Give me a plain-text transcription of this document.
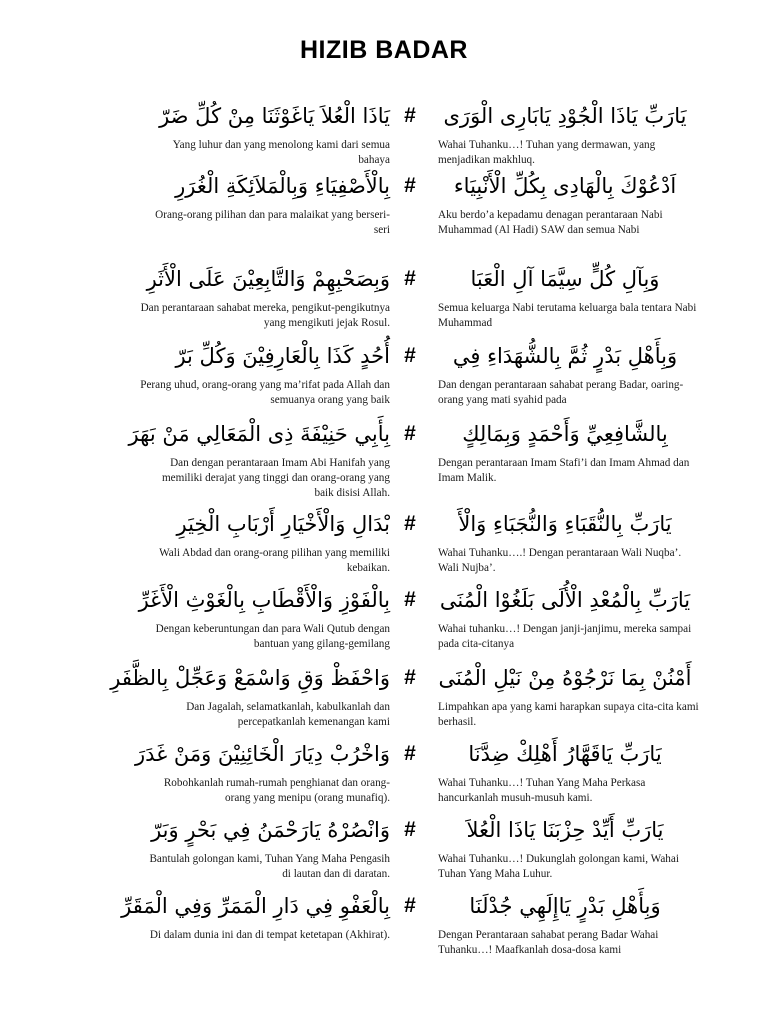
HIZIB BADAR
يَارَبِّ يَاذَا الْجُوْدِ يَابَارِى الْوَرَى
#
يَاذَا الْعُلاَ يَاغَوْثَنَا مِنْ كُلِّ ضَرّ
Wahai Tuhanku…! Tuhan yang dermawan, yang menjadikan makhluq.
Yang luhur dan yang menolong kami dari semua bahaya
اَدْعُوْكَ بِالْهَادِى بِكُلِّ الْأَنْبِيَاء
#
بِالْأَصْفِيَاءِ وَبِالْمَلاَئِكَةِ الْغُرَرِ
Aku berdo’a kepadamu denagan perantaraan Nabi Muhammad (Al Hadi) SAW dan semua Nabi
Orang-orang pilihan dan para malaikat yang berseri-seri
وَبِآلِ كُلٍّ سِيَّمَا آلِ الْعَبَا
#
وَبِصَحْبِهِمْ وَالتَّابِعِيْنَ عَلَى الْأَثَرِ
Semua keluarga Nabi terutama keluarga bala tentara Nabi Muhammad
Dan perantaraan sahabat mereka, pengikut-pengikutnya yang mengikuti jejak Rosul.
وَبِأَهْلِ بَدْرٍ ثُمَّ بِالشُّهَدَاءِ فِي
#
أُحُدٍ كَذَا بِالْعَارِفِيْنَ وَكُلِّ بَرّ
Dan dengan perantaraan sahabat perang Badar, oaring-orang yang mati syahid pada
Perang uhud, orang-orang yang ma’rifat pada Allah dan semuanya orang yang baik
بِالشَّافِعِيِّ وَأَحْمَدٍ وَبِمَالِكٍ
#
بِأَبِي حَنِيْفَةَ ذِى الْمَعَالِي مَنْ بَهَرَ
Dengan perantaraan Imam Stafi’i dan Imam Ahmad dan Imam Malik.
Dan dengan perantaraan Imam Abi Hanifah yang memiliki derajat yang tinggi dan orang-orang yang baik disisi Allah.
يَارَبِّ بِالنُّقَبَاءِ وَالنُّجَبَاءِ وَالْأَ
#
بْدَالِ وَالْأَخْيَارِ أَرْبَابِ الْخِيَرِ
Wahai Tuhanku….! Dengan perantaraan Wali Nuqba’. Wali Nujba’.
Wali Abdad dan orang-orang pilihan yang memiliki kebaikan.
يَارَبِّ بِالْمُعْدِ الْأُلَى بَلَغُوْا الْمُنَى
#
بِالْفَوْزِ وَالْأَقْطَابِ بِالْغَوْثِ الْأَغَرِّ
Wahai tuhanku…! Dengan janji-janjimu, mereka sampai pada cita-citanya
Dengan keberuntungan dan para Wali Qutub dengan bantuan yang gilang-gemilang
أَمْنُنْ بِمَا نَرْجُوْهُ مِنْ نَيْلِ الْمُنَى
#
وَاحْفَظْ وَقِ وَاسْمَعْ وَعَجِّلْ بِالظَّفَرِ
Limpahkan apa yang kami harapkan supaya cita-cita kami berhasil.
Dan Jagalah, selamatkanlah, kabulkanlah dan percepatkanlah kemenangan kami
يَارَبِّ يَاقَهَّارُ أَهْلِكْ ضِدَّنَا
#
وَاخْرُبْ دِيَارَ الْخَائِنِيْنَ وَمَنْ غَدَرَ
Wahai Tuhanku…! Tuhan Yang Maha Perkasa hancurkanlah musuh-musuh kami.
Robohkanlah rumah-rumah penghianat dan orang-orang yang menipu (orang munafiq).
يَارَبِّ أَيِّدْ حِزْبَنَا يَاذَا الْعُلاَ
#
وَانْصُرْهُ يَارَحْمَنُ فِي بَحْرٍ وَبَرّ
Wahai Tuhanku…! Dukunglah golongan kami, Wahai Tuhan Yang Maha Luhur.
Bantulah golongan kami, Tuhan Yang Maha Pengasih di lautan dan di daratan.
وَبِأَهْلِ بَدْرٍ يَاإِلَهِي جُدْلَنَا
#
بِالْعَفْوِ فِي دَارِ الْمَمَرِّ وَفِي الْمَقَرِّ
Dengan Perantaraan sahabat perang Badar Wahai Tuhanku…! Maafkanlah dosa-dosa kami
Di dalam dunia ini dan di tempat ketetapan (Akhirat).
